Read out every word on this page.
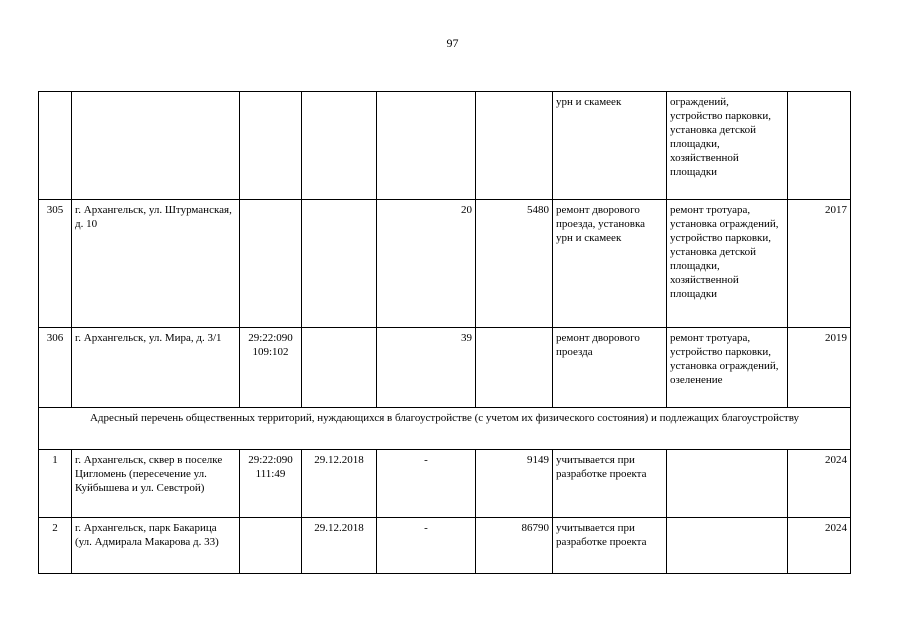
97
						урн и скамеек	ограждений, устройство парковки, установка детской площадки, хозяйственной площадки	
305	г. Архангельск, ул. Штурманская, д. 10			20	5480	ремонт дворового проезда, установка урн и скамеек	ремонт тротуара, установка ограждений, устройство парковки, установка детской площадки, хозяйственной площадки	2017
306	г. Архангельск, ул. Мира, д. 3/1	29:22:090 109:102		39		ремонт дворового проезда	ремонт тротуара, устройство парковки, установка ограждений, озеленение	2019
Адресный перечень общественных территорий, нуждающихся в благоустройстве (с учетом их физического состояния) и подлежащих благоустройству								
1	г. Архангельск, сквер в поселке Цигломень (пересечение ул. Куйбышева и ул. Севстрой)	29:22:090 111:49	29.12.2018	-	9149	учитывается при разработке проекта		2024
2	г. Архангельск, парк Бакарица (ул. Адмирала Макарова д. 33)		29.12.2018	-	86790	учитывается при разработке проекта		2024
